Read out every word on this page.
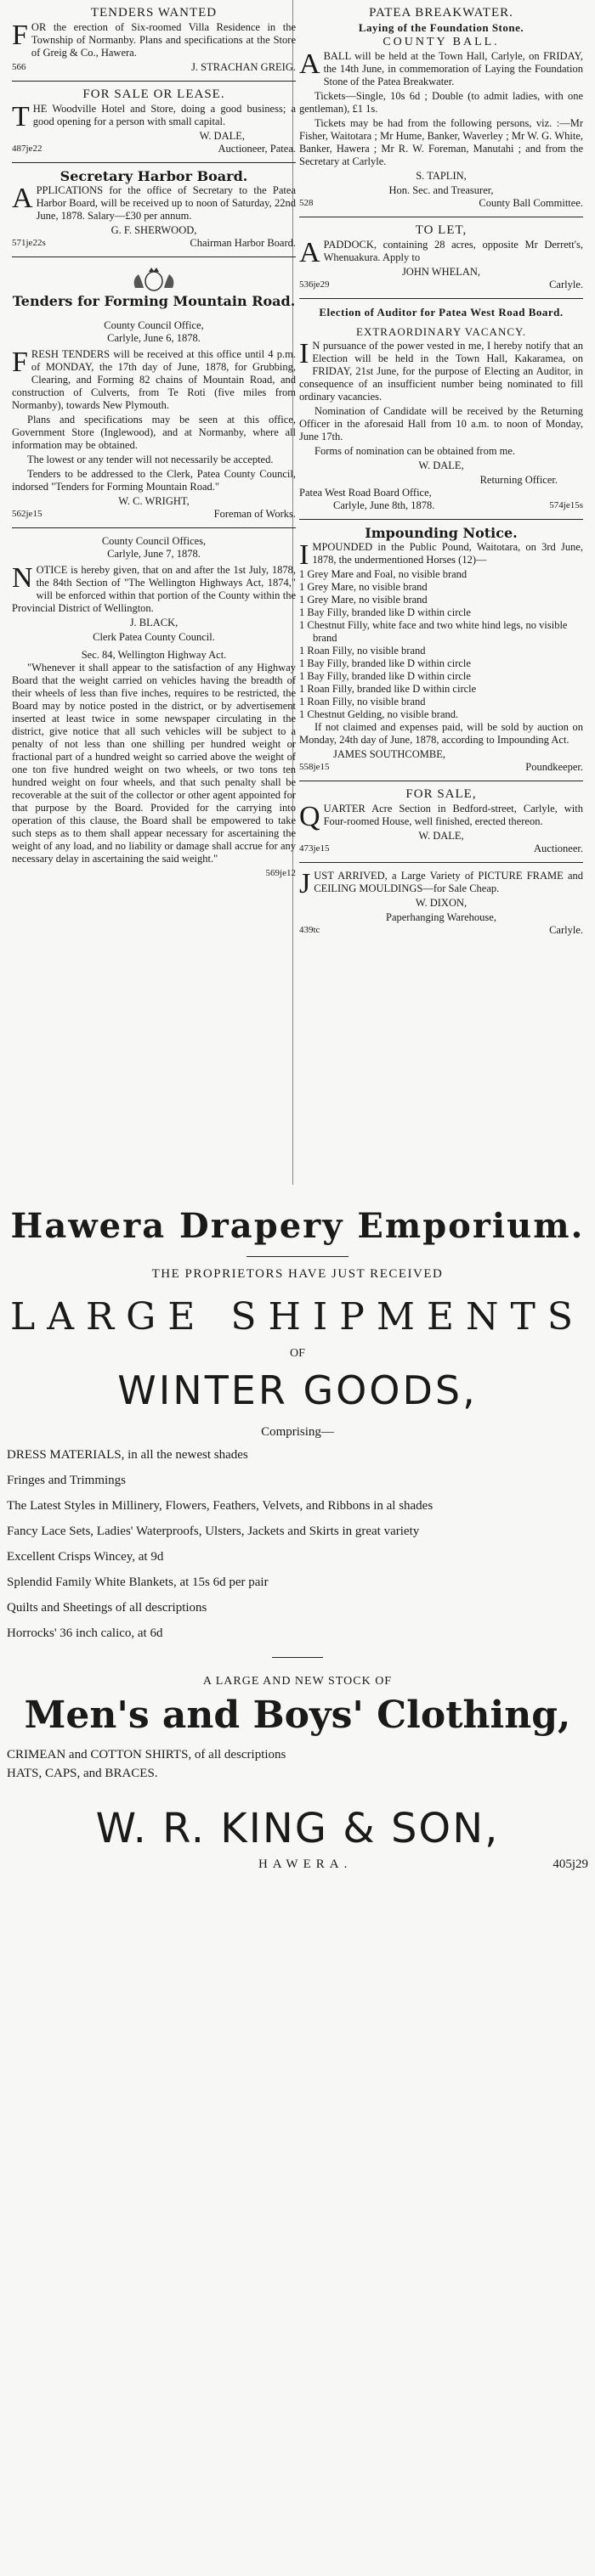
TENDERS WANTED

FOR the erection of Six-roomed Villa Residence in the Township of Normanby. Plans and specifications at the Store of Greig & Co., Hawera.

566	J. STRACHAN GREIG.
FOR SALE OR LEASE.

THE Woodville Hotel and Store, doing a good business; a good opening for a person with small capital.

W. DALE,
487je22	Auctioneer, Patea.
Secretary Harbor Board.

APPLICATIONS for the office of Secretary to the Patea Harbor Board, will be received up to noon of Saturday, 22nd June, 1878. Salary—£30 per annum.

G. F. SHERWOOD,
571je22s	Chairman Harbor Board.
Tenders for Forming Mountain Road.
County Council Office,
Carlyle, June 6, 1878.

FRESH TENDERS will be received at this office until 4 p.m. of MONDAY, the 17th day of June, 1878, for Grubbing, Clearing, and Forming 82 chains of Mountain Road, and construction of Culverts, from Te Roti (five miles from Normanby), towards New Plymouth.

Plans and specifications may be seen at this office, Government Store (Inglewood), and at Normanby, where all information may be obtained.

The lowest or any tender will not necessarily be accepted.

Tenders to be addressed to the Clerk, Patea County Council, indorsed "Tenders for Forming Mountain Road."

W. C. WRIGHT,
562je15	Foreman of Works.
County Council Offices,
Carlyle, June 7, 1878.

NOTICE is hereby given, that on and after the 1st July, 1878, the 84th Section of "The Wellington Highways Act, 1874," will be enforced within that portion of the County within the Provincial District of Wellington.

J. BLACK,
Clerk Patea County Council.
Sec. 84, Wellington Highway Act.

"Whenever it shall appear to the satisfaction of any Highway Board that the weight carried on vehicles having the breadth of their wheels of less than five inches, requires to be restricted, the Board may by notice posted in the district, or by advertisement inserted at least twice in some newspaper circulating in the district, give notice that all such vehicles will be subject to a penalty of not less than one shilling per hundred weight or fractional part of a hundred weight so carried above the weight of one ton five hundred weight on two wheels, or two tons ten hundred weight on four wheels, and that such penalty shall be recoverable at the suit of the collector or other agent appointed for that purpose by the Board. Provided for the carrying into operation of this clause, the Board shall be empowered to take such steps as to them shall appear necessary for ascertaining the weight of any load, and no liability or damage shall accrue for any necessary delay in ascertaining the said weight."

569je12
PATEA BREAKWATER.
Laying of the Foundation Stone.
COUNTY BALL.

ABALL will be held at the Town Hall, Carlyle, on FRIDAY, the 14th June, in commemoration of Laying the Foundation Stone of the Patea Breakwater.

Tickets—Single, 10s 6d ; Double (to admit ladies, with one gentleman), £1 1s.

Tickets may be had from the following persons, viz. :—Mr Fisher, Waitotara ; Mr Hume, Banker, Waverley ; Mr W. G. White, Banker, Hawera ; Mr R. W. Foreman, Manutahi ; and from the Secretary at Carlyle.

S. TAPLIN,
Hon. Sec. and Treasurer,
528	County Ball Committee.
TO LET,

APADDOCK, containing 28 acres, opposite Mr Derrett's, Whenuakura. Apply to

JOHN WHELAN,
536je29	Carlyle.
Election of Auditor for Patea West Road Board.
EXTRAORDINARY VACANCY.

I N pursuance of the power vested in me, I hereby notify that an Election will be held in the Town Hall, Kakaramea, on FRIDAY, 21st June, for the purpose of Electing an Auditor, in consequence of an insufficient number being nominated to fill ordinary vacancies.

Nomination of Candidate will be received by the Returning Officer in the aforesaid Hall from 10 a.m. to noon of Monday, June 17th.

Forms of nomination can be obtained from me.

W. DALE,
Returning Officer.
Patea West Road Board Office,
Carlyle, June 8th, 1878.	574je15s
Impounding Notice.

IMPOUNDED in the Public Pound, Waitotara, on 3rd June, 1878, the undermentioned Horses (12)—

1 Grey Mare and Foal, no visible brand
1 Grey Mare, no visible brand
1 Grey Mare, no visible brand
1 Bay Filly, branded like D within circle
1 Chestnut Filly, white face and two white hind legs, no visible brand
1 Roan Filly, no visible brand
1 Bay Filly, branded like D within circle
1 Bay Filly, branded like D within circle
1 Roan Filly, branded like D within circle
1 Roan Filly, no visible brand
1 Chestnut Gelding, no visible brand.

If not claimed and expenses paid, will be sold by auction on Monday, 24th day of June, 1878, according to Impounding Act.

JAMES SOUTHCOMBE,
558je15	Poundkeeper.
FOR SALE,

QUARTER Acre Section in Bedford-street, Carlyle, with Four-roomed House, well finished, erected thereon.

W. DALE,
473je15	Auctioneer.

JUST ARRIVED, a Large Variety of PICTURE FRAME and CEILING MOULDINGS—for Sale Cheap.

W. DIXON,
Paperhanging Warehouse,
439tc	Carlyle.
Hawera Drapery Emporium.
THE PROPRIETORS HAVE JUST RECEIVED
LARGE SHIPMENTS
OF
WINTER GOODS,
Comprising—
DRESS MATERIALS, in all the newest shades
Fringes and Trimmings
The Latest Styles in Millinery, Flowers, Feathers, Velvets, and Ribbons in al shades
Fancy Lace Sets, Ladies' Waterproofs, Ulsters, Jackets and Skirts in great variety
Excellent Crisps Wincey, at 9d
Splendid Family White Blankets, at 15s 6d per pair
Quilts and Sheetings of all descriptions
Horrocks' 36 inch calico, at 6d
A LARGE AND NEW STOCK OF
Men's and Boys' Clothing,
CRIMEAN and COTTON SHIRTS, of all descriptions
HATS, CAPS, and BRACES.
W. R. KING & SON,
HAWERA.	405j29
